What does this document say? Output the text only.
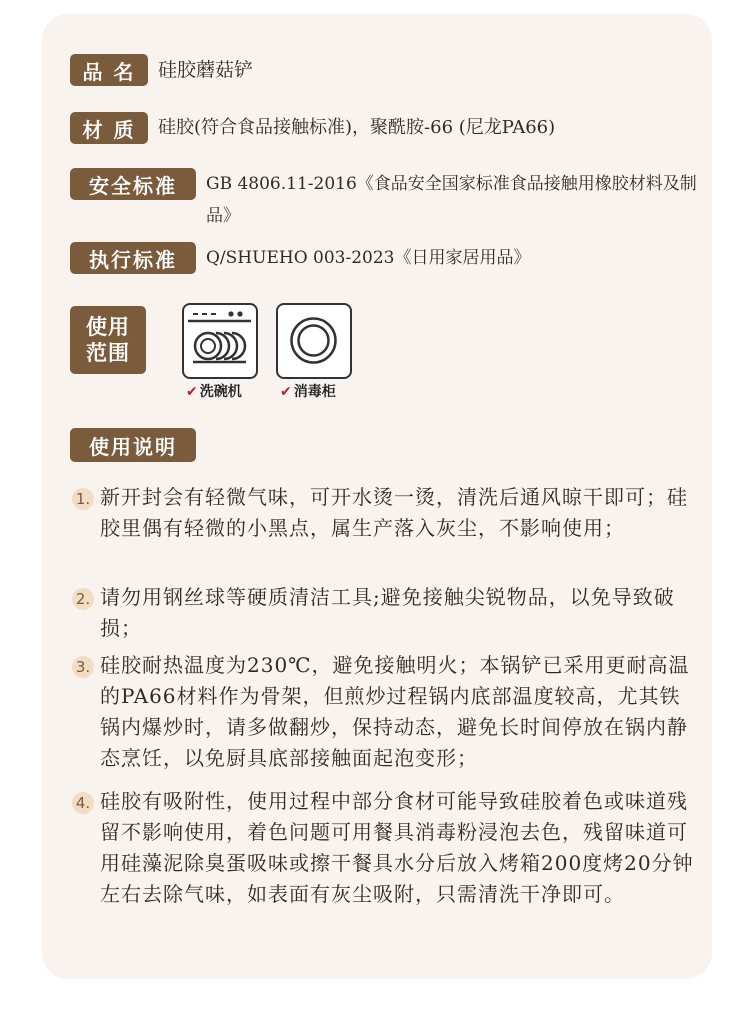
品 名	硅胶蘑菇铲
材 质	硅胶(符合食品接触标准)，聚酰胺-66 (尼龙PA66)
安全标准	GB 4806.11-2016《食品安全国家标准食品接触用橡胶材料及制品》
执行标准	Q/SHUEHO 003-2023《日用家居用品》
使用
范围
✔ 洗碗机	✔ 消毒柜
使用说明
1. 新开封会有轻微气味，可开水烫一烫，清洗后通风晾干即可；硅胶里偶有轻微的小黑点，属生产落入灰尘，不影响使用；
2. 请勿用钢丝球等硬质清洁工具;避免接触尖锐物品，以免导致破损；
3. 硅胶耐热温度为230℃，避免接触明火；本锅铲已采用更耐高温的PA66材料作为骨架，但煎炒过程锅内底部温度较高，尤其铁锅内爆炒时，请多做翻炒，保持动态，避免长时间停放在锅内静态烹饪，以免厨具底部接触面起泡变形；
4. 硅胶有吸附性，使用过程中部分食材可能导致硅胶着色或味道残留不影响使用，着色问题可用餐具消毒粉浸泡去色，残留味道可用硅藻泥除臭蛋吸味或擦干餐具水分后放入烤箱200度烤20分钟左右去除气味，如表面有灰尘吸附，只需清洗干净即可。
